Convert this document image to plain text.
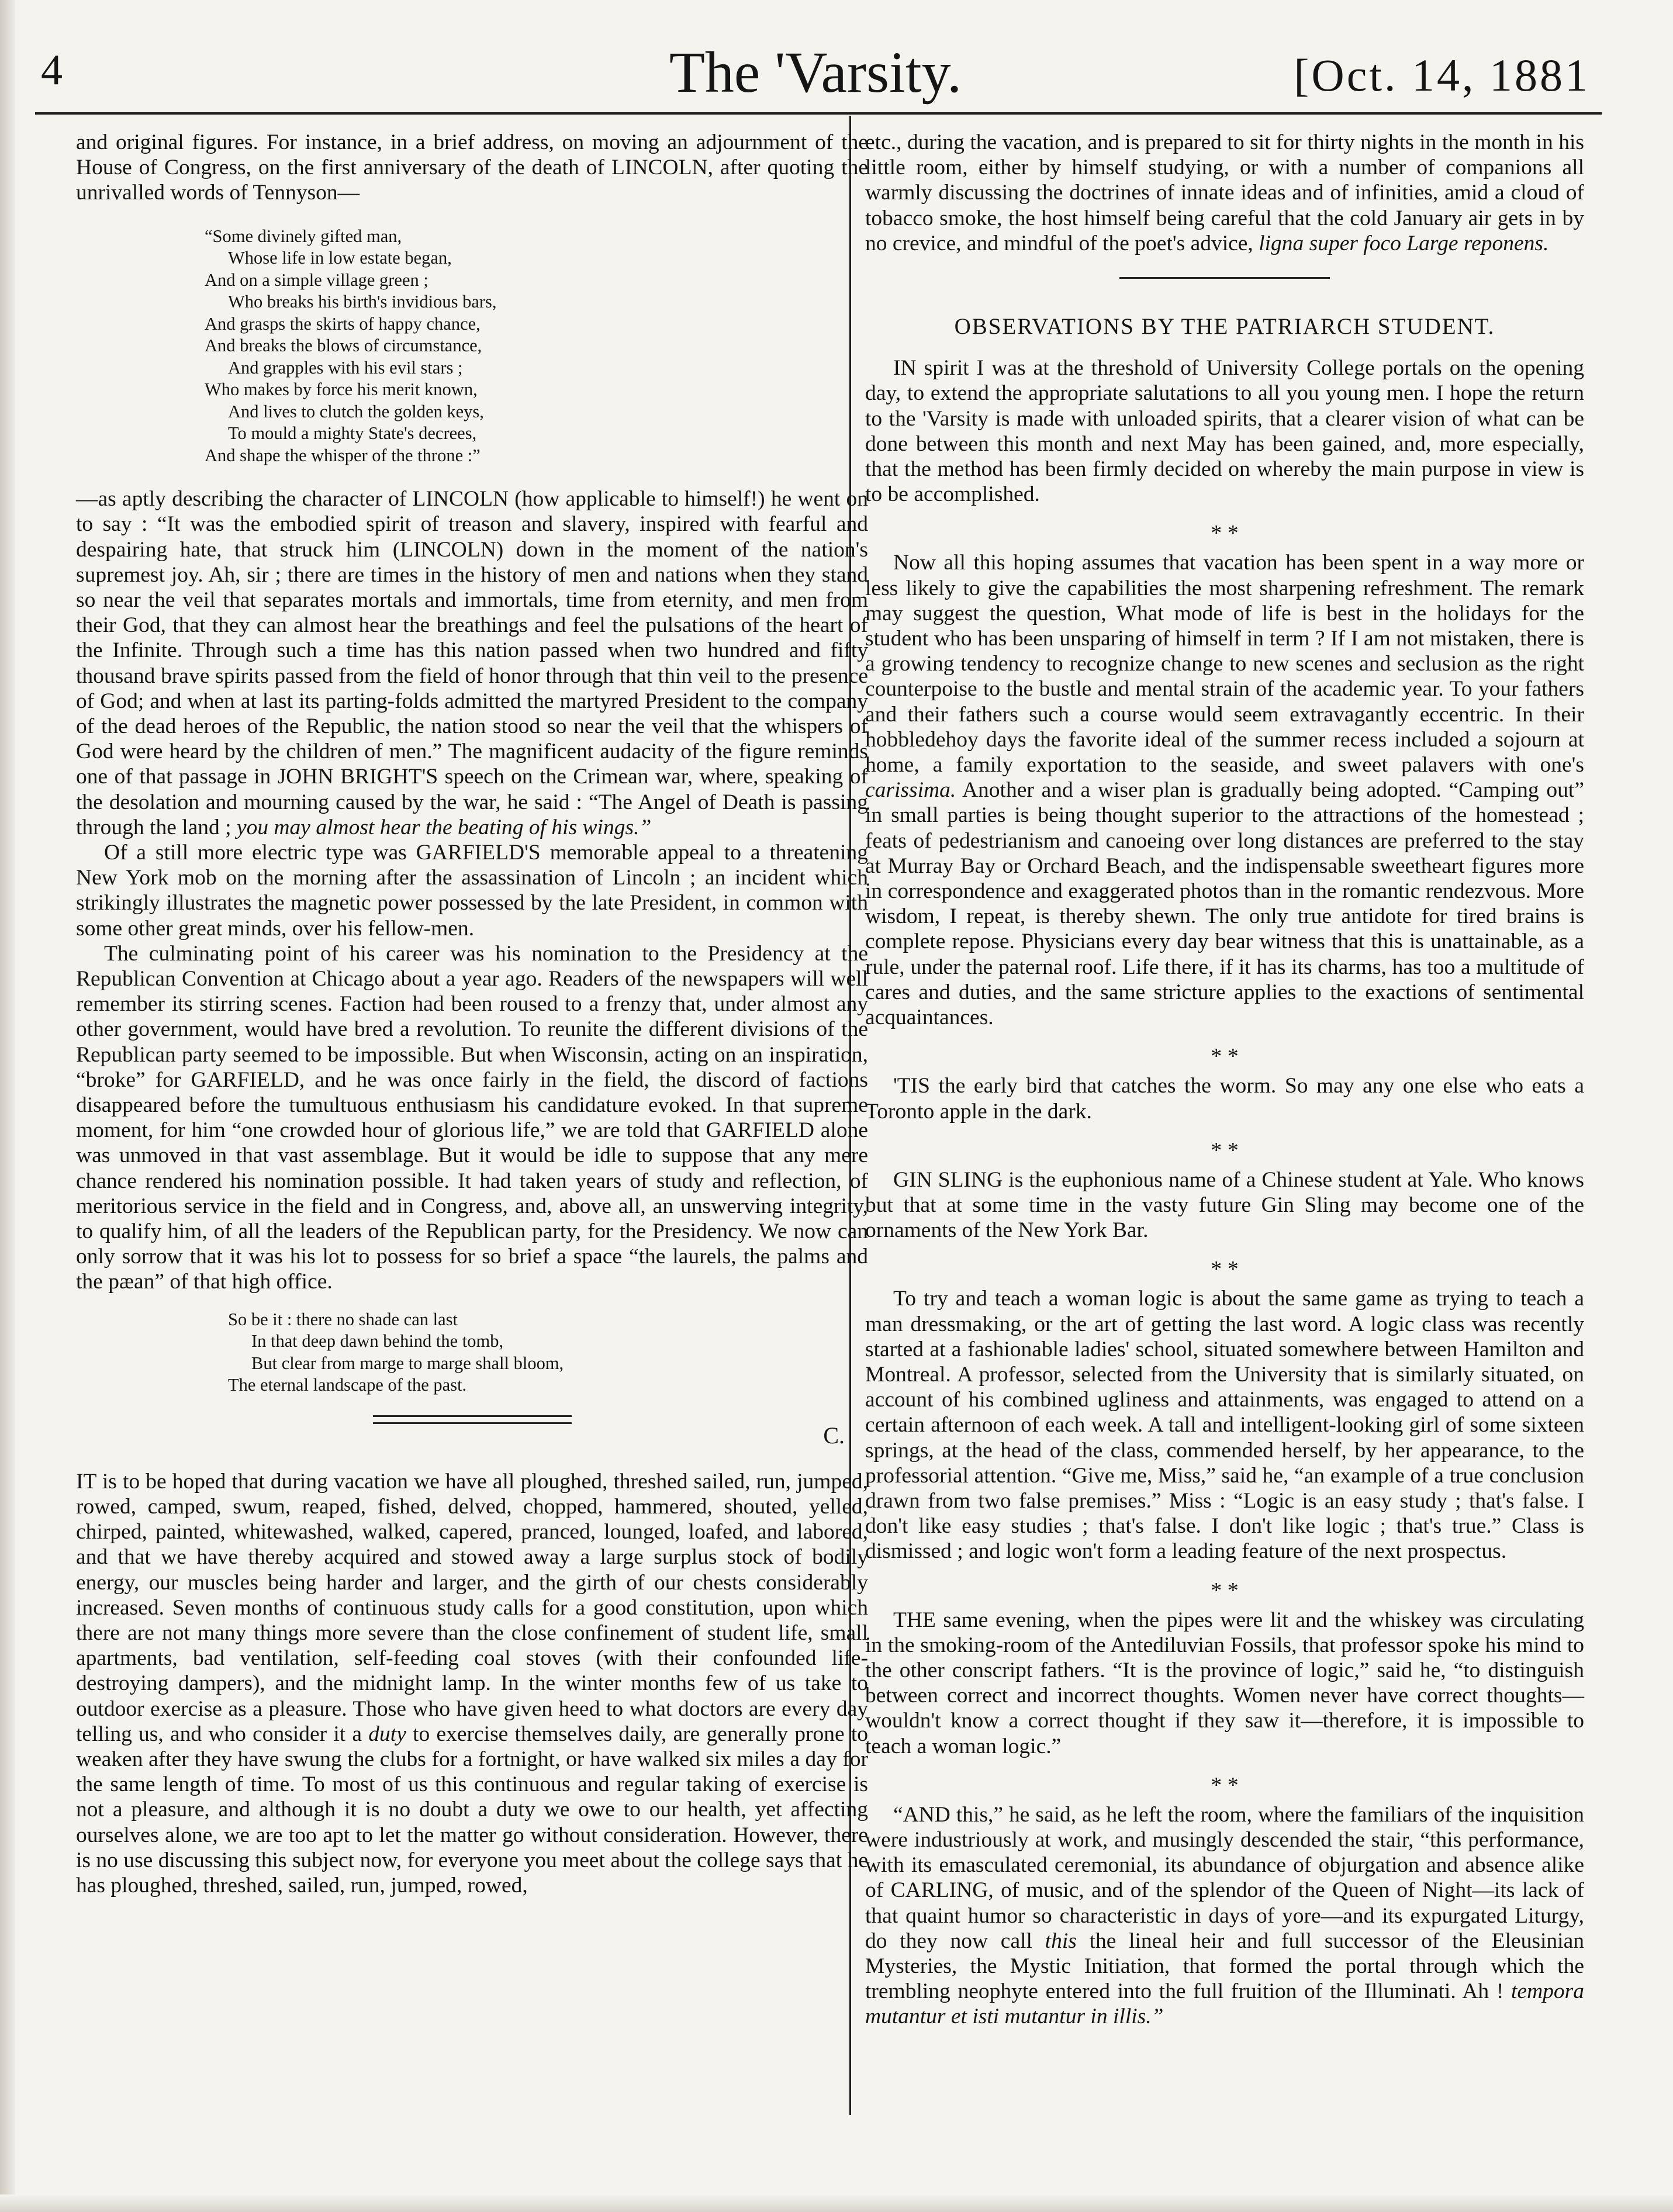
4	The 'Varsity.	[Oct. 14, 1881

and original figures. For instance, in a brief address, on moving an adjournment of the House of Congress, on the first anniversary of the death of LINCOLN, after quoting the unrivalled words of Tennyson—

“Some divinely gifted man,
Whose life in low estate began,
And on a simple village green ;
Who breaks his birth's invidious bars,
And grasps the skirts of happy chance,
And breaks the blows of circumstance,
And grapples with his evil stars ;
Who makes by force his merit known,
And lives to clutch the golden keys,
To mould a mighty State's decrees,
And shape the whisper of the throne :”

—as aptly describing the character of LINCOLN (how applicable to himself!) he went on to say : “It was the embodied spirit of treason and slavery, inspired with fearful and despairing hate, that struck him (LINCOLN) down in the moment of the nation's supremest joy. Ah, sir ; there are times in the history of men and nations when they stand so near the veil that separates mortals and immortals, time from eternity, and men from their God, that they can almost hear the breathings and feel the pulsations of the heart of the Infinite. Through such a time has this nation passed when two hundred and fifty thousand brave spirits passed from the field of honor through that thin veil to the presence of God; and when at last its parting-folds admitted the martyred President to the company of the dead heroes of the Republic, the nation stood so near the veil that the whispers of God were heard by the children of men.” The magnificent audacity of the figure reminds one of that passage in JOHN BRIGHT'S speech on the Crimean war, where, speaking of the desolation and mourning caused by the war, he said : “The Angel of Death is passing through the land ; you may almost hear the beating of his wings.”

Of a still more electric type was GARFIELD'S memorable appeal to a threatening New York mob on the morning after the assassination of Lincoln ; an incident which strikingly illustrates the magnetic power possessed by the late President, in common with some other great minds, over his fellow-men.

The culminating point of his career was his nomination to the Presidency at the Republican Convention at Chicago about a year ago. Readers of the newspapers will well remember its stirring scenes. Faction had been roused to a frenzy that, under almost any other government, would have bred a revolution. To reunite the different divisions of the Republican party seemed to be impossible. But when Wisconsin, acting on an inspiration, “broke” for GARFIELD, and he was once fairly in the field, the discord of factions disappeared before the tumultuous enthusiasm his candidature evoked. In that supreme moment, for him “one crowded hour of glorious life,” we are told that GARFIELD alone was unmoved in that vast assemblage. But it would be idle to suppose that any mere chance rendered his nomination possible. It had taken years of study and reflection, of meritorious service in the field and in Congress, and, above all, an unswerving integrity, to qualify him, of all the leaders of the Republican party, for the Presidency. We now can only sorrow that it was his lot to possess for so brief a space “the laurels, the palms and the pæan” of that high office.

So be it : there no shade can last
In that deep dawn behind the tomb,
But clear from marge to marge shall bloom,
The eternal landscape of the past.
C.

IT is to be hoped that during vacation we have all ploughed, threshed sailed, run, jumped, rowed, camped, swum, reaped, fished, delved, chopped, hammered, shouted, yelled, chirped, painted, whitewashed, walked, capered, pranced, lounged, loafed, and labored, and that we have thereby acquired and stowed away a large surplus stock of bodily energy, our muscles being harder and larger, and the girth of our chests considerably increased. Seven months of continuous study calls for a good constitution, upon which there are not many things more severe than the close confinement of student life, small apartments, bad ventilation, self-feeding coal stoves (with their confounded life-destroying dampers), and the midnight lamp. In the winter months few of us take to outdoor exercise as a pleasure. Those who have given heed to what doctors are every day telling us, and who consider it a duty to exercise themselves daily, are generally prone to weaken after they have swung the clubs for a fortnight, or have walked six miles a day for the same length of time. To most of us this continuous and regular taking of exercise is not a pleasure, and although it is no doubt a duty we owe to our health, yet affecting ourselves alone, we are too apt to let the matter go without consideration. However, there is no use discussing this subject now, for everyone you meet about the college says that he has ploughed, threshed, sailed, run, jumped, rowed,

etc., during the vacation, and is prepared to sit for thirty nights in the month in his little room, either by himself studying, or with a number of companions all warmly discussing the doctrines of innate ideas and of infinities, amid a cloud of tobacco smoke, the host himself being careful that the cold January air gets in by no crevice, and mindful of the poet's advice, ligna super foco Large reponens.

OBSERVATIONS BY THE PATRIARCH STUDENT.

IN spirit I was at the threshold of University College portals on the opening day, to extend the appropriate salutations to all you young men. I hope the return to the 'Varsity is made with unloaded spirits, that a clearer vision of what can be done between this month and next May has been gained, and, more especially, that the method has been firmly decided on whereby the main purpose in view is to be accomplished.

* *

Now all this hoping assumes that vacation has been spent in a way more or less likely to give the capabilities the most sharpening refreshment. The remark may suggest the question, What mode of life is best in the holidays for the student who has been unsparing of himself in term ? If I am not mistaken, there is a growing tendency to recognize change to new scenes and seclusion as the right counterpoise to the bustle and mental strain of the academic year. To your fathers and their fathers such a course would seem extravagantly eccentric. In their hobbledehoy days the favorite ideal of the summer recess included a sojourn at home, a family exportation to the seaside, and sweet palavers with one's carissima. Another and a wiser plan is gradually being adopted. “Camping out” in small parties is being thought superior to the attractions of the homestead ; feats of pedestrianism and canoeing over long distances are preferred to the stay at Murray Bay or Orchard Beach, and the indispensable sweetheart figures more in correspondence and exaggerated photos than in the romantic rendezvous. More wisdom, I repeat, is thereby shewn. The only true antidote for tired brains is complete repose. Physicians every day bear witness that this is unattainable, as a rule, under the paternal roof. Life there, if it has its charms, has too a multitude of cares and duties, and the same stricture applies to the exactions of sentimental acquaintances.

* *

'TIS the early bird that catches the worm. So may any one else who eats a Toronto apple in the dark.

* *

GIN SLING is the euphonious name of a Chinese student at Yale. Who knows but that at some time in the vasty future Gin Sling may become one of the ornaments of the New York Bar.

* *

To try and teach a woman logic is about the same game as trying to teach a man dressmaking, or the art of getting the last word. A logic class was recently started at a fashionable ladies' school, situated somewhere between Hamilton and Montreal. A professor, selected from the University that is similarly situated, on account of his combined ugliness and attainments, was engaged to attend on a certain afternoon of each week. A tall and intelligent-looking girl of some sixteen springs, at the head of the class, commended herself, by her appearance, to the professorial attention. “Give me, Miss,” said he, “an example of a true conclusion drawn from two false premises.” Miss : “Logic is an easy study ; that's false. I don't like easy studies ; that's false. I don't like logic ; that's true.” Class is dismissed ; and logic won't form a leading feature of the next prospectus.

* *

THE same evening, when the pipes were lit and the whiskey was circulating in the smoking-room of the Antediluvian Fossils, that professor spoke his mind to the other conscript fathers. “It is the province of logic,” said he, “to distinguish between correct and incorrect thoughts. Women never have correct thoughts—wouldn't know a correct thought if they saw it—therefore, it is impossible to teach a woman logic.”

* *

“AND this,” he said, as he left the room, where the familiars of the inquisition were industriously at work, and musingly descended the stair, “this performance, with its emasculated ceremonial, its abundance of objurgation and absence alike of CARLING, of music, and of the splendor of the Queen of Night—its lack of that quaint humor so characteristic in days of yore—and its expurgated Liturgy, do they now call this the lineal heir and full successor of the Eleusinian Mysteries, the Mystic Initiation, that formed the portal through which the trembling neophyte entered into the full fruition of the Illuminati. Ah ! tempora mutantur et isti mutantur in illis.”
